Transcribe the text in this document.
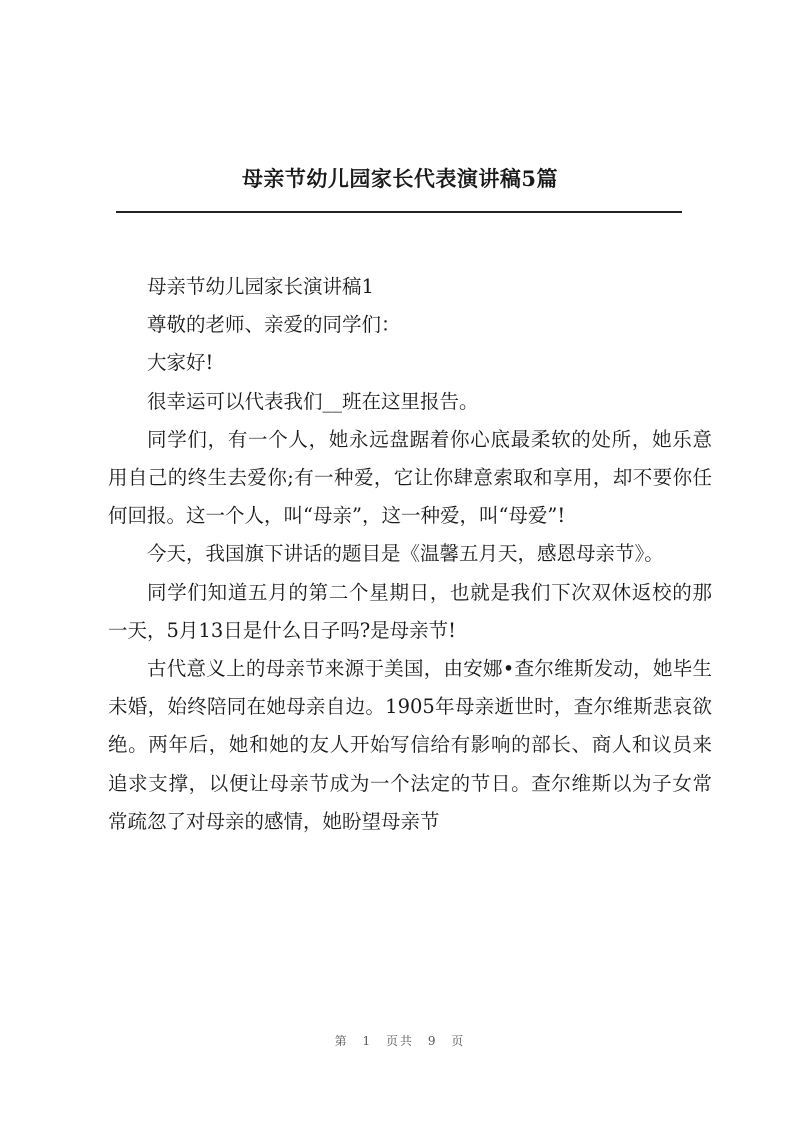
母亲节幼儿园家长代表演讲稿5篇

母亲节幼儿园家长演讲稿1

尊敬的老师、亲爱的同学们：

大家好!

很幸运可以代表我们__班在这里报告。

同学们，有一个人，她永远盘踞着你心底最柔软的处所，她乐意用自己的终生去爱你;有一种爱，它让你肆意索取和享用，却不要你任何回报。这一个人，叫“母亲”，这一种爱，叫“母爱”!

今天，我国旗下讲话的题目是《温馨五月天，感恩母亲节》。

同学们知道五月的第二个星期日，也就是我们下次双休返校的那一天，5月13日是什么日子吗?是母亲节!

古代意义上的母亲节来源于美国，由安娜•查尔维斯发动，她毕生未婚，始终陪同在她母亲自边。1905年母亲逝世时，查尔维斯悲哀欲绝。两年后，她和她的友人开始写信给有影响的部长、商人和议员来追求支撑，以便让母亲节成为一个法定的节日。查尔维斯以为子女常常疏忽了对母亲的感情，她盼望母亲节

第 1 页共 9 页
